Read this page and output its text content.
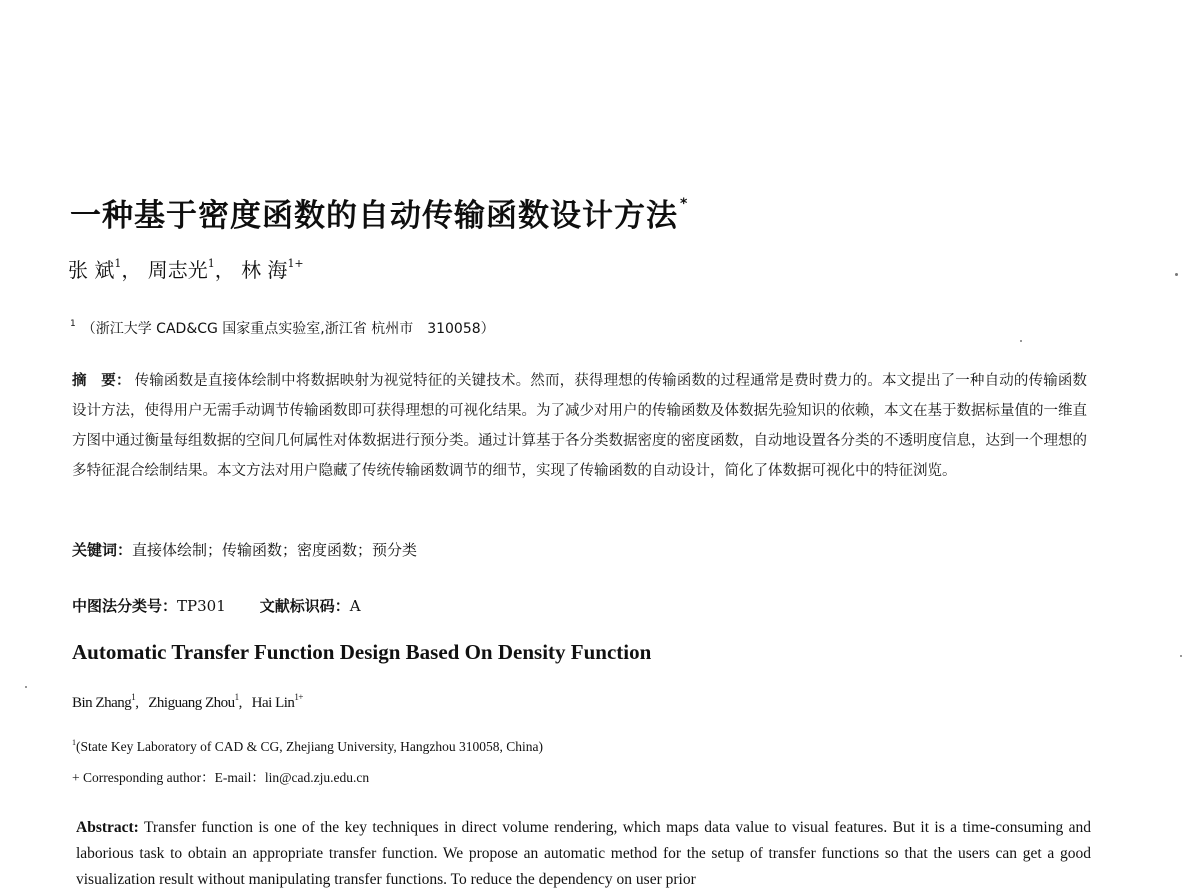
一种基于密度函数的自动传输函数设计方法 *
张 斌$^1$， 周志光$^1$， 林 海$^{1+}$
$^1$ （浙江大学 CAD&CG 国家重点实验室,浙江省 杭州市　310058）
摘　要： 传输函数是直接体绘制中将数据映射为视觉特征的关键技术。然而，获得理想的传输函数的过程通常是费时费力的。本文提出了一种自动的传输函数设计方法，使得用户无需手动调节传输函数即可获得理想的可视化结果。为了减少对用户的传输函数及体数据先验知识的依赖，本文在基于数据标量值的一维直方图中通过衡量每组数据的空间几何属性对体数据进行预分类。通过计算基于各分类数据密度的密度函数，自动地设置各分类的不透明度信息，达到一个理想的多特征混合绘制结果。本文方法对用户隐藏了传统传输函数调节的细节，实现了传输函数的自动设计，简化了体数据可视化中的特征浏览。
关键词：直接体绘制；传输函数；密度函数；预分类
中图法分类号：TP301 文献标识码：A
Automatic Transfer Function Design Based On Density Function
Bin Zhang$^1$,   Zhiguang Zhou$^1$,   Hai Lin$^{1+}$
$^1$(State Key Laboratory of CAD & CG, Zhejiang University, Hangzhou 310058, China)
+ Corresponding author：E-mail：lin@cad.zju.edu.cn
Abstract: Transfer function is one of the key techniques in direct volume rendering, which maps data value to visual features. But it is a time-consuming and laborious task to obtain an appropriate transfer function. We propose an automatic method for the setup of transfer functions so that the users can get a good visualization result without manipulating transfer functions. To reduce the dependency on user prior
